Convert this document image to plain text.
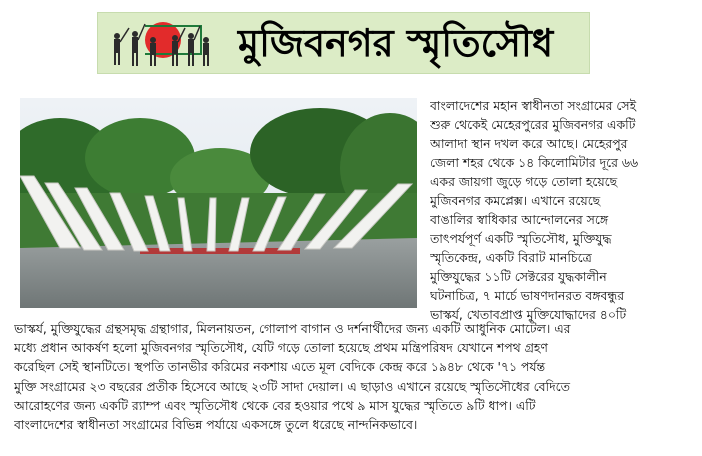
মুজিবনগর স্মৃতিসৌধ
বাংলাদেশের মহান স্বাধীনতা সংগ্রামের সেই
শুরু থেকেই মেহেরপুরের মুজিবনগর একটি
আলাদা স্থান দখল করে আছে। মেহেরপুর
জেলা শহর থেকে ১৪ কিলোমিটার দূরে ৬৬
একর জায়গা জুড়ে গড়ে তোলা হয়েছে
মুজিবনগর কমপ্লেক্স। এখানে রয়েছে
বাঙালির স্বাধিকার আন্দোলনের সঙ্গে
তাৎপর্যপূর্ণ একটি স্মৃতিসৌধ, মুক্তিযুদ্ধ
স্মৃতিকেন্দ্র, একটি বিরাট মানচিত্রে
মুক্তিযুদ্ধের ১১টি সেক্টরের যুদ্ধকালীন
ঘটনাচিত্র, ৭ মার্চে ভাষণদানরত বঙ্গবন্ধুর
ভাস্কর্য, খেতাবপ্রাপ্ত মুক্তিযোদ্ধাদের ৪০টি
ভাস্কর্য, মুক্তিযুদ্ধের গ্রন্থসমৃদ্ধ গ্রন্থাগার, মিলনায়তন, গোলাপ বাগান ও দর্শনার্থীদের জন্য একটি আধুনিক মোটেল। এর
মধ্যে প্রধান আকর্ষণ হলো মুজিবনগর স্মৃতিসৌধ, যেটি গড়ে তোলা হয়েছে প্রথম মন্ত্রিপরিষদ যেখানে শপথ গ্রহণ
করেছিল সেই স্থানটিতে। স্থপতি তানভীর করিমের নকশায় এতে মূল বেদিকে কেন্দ্র করে ১৯৪৮ থেকে '৭১ পর্যন্ত
মুক্তি সংগ্রামের ২৩ বছরের প্রতীক হিসেবে আছে ২৩টি সাদা দেয়াল। এ ছাড়াও এখানে রয়েছে স্মৃতিসৌধের বেদিতে
আরোহণের জন্য একটি র‍্যাম্প এবং স্মৃতিসৌধ থেকে বের হওয়ার পথে ৯ মাস যুদ্ধের স্মৃতিতে ৯টি ধাপ। এটি
বাংলাদেশের স্বাধীনতা সংগ্রামের বিভিন্ন পর্যায়ে একসঙ্গে তুলে ধরেছে নান্দনিকভাবে।
